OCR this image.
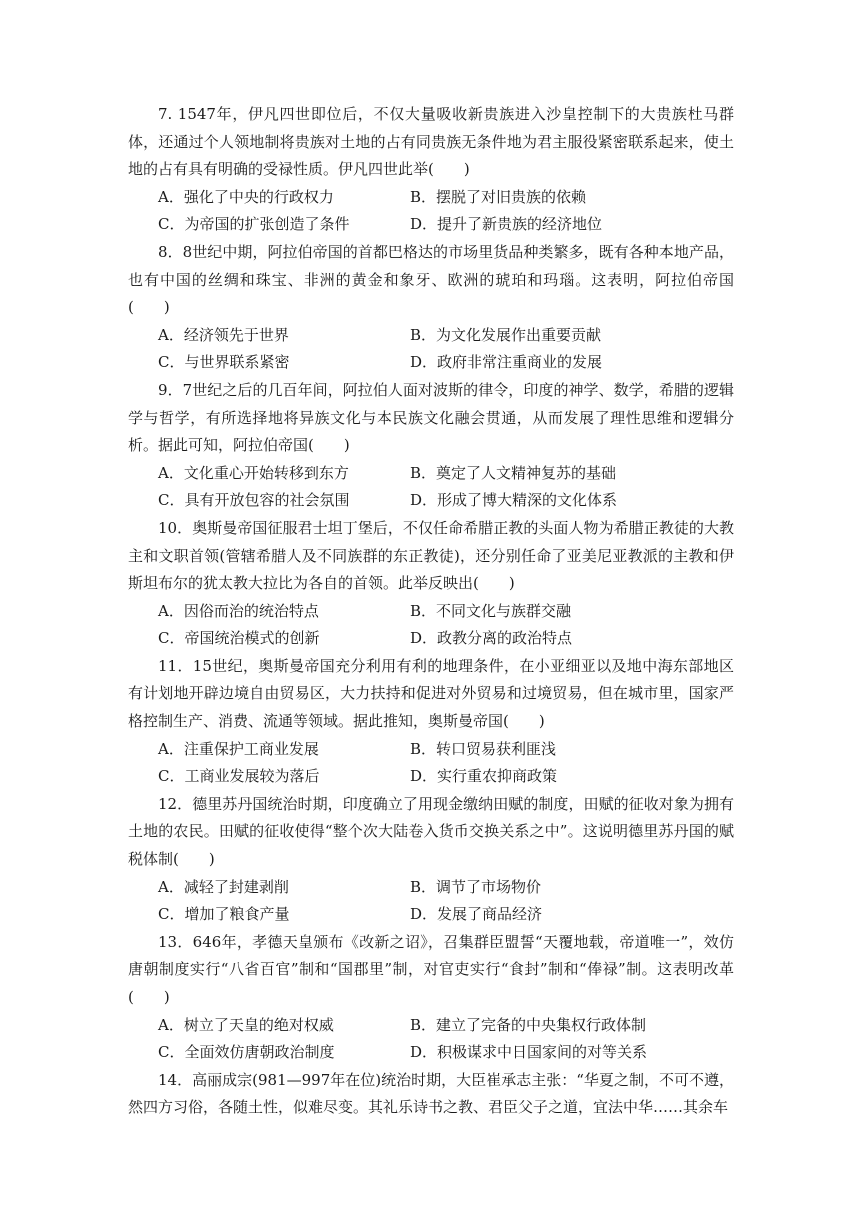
7. 1547年，伊凡四世即位后，不仅大量吸收新贵族进入沙皇控制下的大贵族杜马群体，还通过个人领地制将贵族对土地的占有同贵族无条件地为君主服役紧密联系起来，使土地的占有具有明确的受禄性质。伊凡四世此举(　　)

A．强化了中央的行政权力	B．摆脱了对旧贵族的依赖
C．为帝国的扩张创造了条件	D．提升了新贵族的经济地位

8．8世纪中期，阿拉伯帝国的首都巴格达的市场里货品种类繁多，既有各种本地产品，也有中国的丝绸和珠宝、非洲的黄金和象牙、欧洲的琥珀和玛瑙。这表明，阿拉伯帝国(　　)

A．经济领先于世界	B．为文化发展作出重要贡献
C．与世界联系紧密	D．政府非常注重商业的发展

9．7世纪之后的几百年间，阿拉伯人面对波斯的律令，印度的神学、数学，希腊的逻辑学与哲学，有所选择地将异族文化与本民族文化融会贯通，从而发展了理性思维和逻辑分析。据此可知，阿拉伯帝国(　　)

A．文化重心开始转移到东方	B．奠定了人文精神复苏的基础
C．具有开放包容的社会氛围	D．形成了博大精深的文化体系

10．奥斯曼帝国征服君士坦丁堡后，不仅任命希腊正教的头面人物为希腊正教徒的大教主和文职首领(管辖希腊人及不同族群的东正教徒)，还分别任命了亚美尼亚教派的主教和伊斯坦布尔的犹太教大拉比为各自的首领。此举反映出(　　)

A．因俗而治的统治特点	B．不同文化与族群交融
C．帝国统治模式的创新	D．政教分离的政治特点

11．15世纪，奥斯曼帝国充分利用有利的地理条件，在小亚细亚以及地中海东部地区有计划地开辟边境自由贸易区，大力扶持和促进对外贸易和过境贸易，但在城市里，国家严格控制生产、消费、流通等领域。据此推知，奥斯曼帝国(　　)

A．注重保护工商业发展	B．转口贸易获利匪浅
C．工商业发展较为落后	D．实行重农抑商政策

12．德里苏丹国统治时期，印度确立了用现金缴纳田赋的制度，田赋的征收对象为拥有土地的农民。田赋的征收使得“整个次大陆卷入货币交换关系之中”。这说明德里苏丹国的赋税体制(　　)

A．减轻了封建剥削	B．调节了市场物价
C．增加了粮食产量	D．发展了商品经济

13．646年，孝德天皇颁布《改新之诏》，召集群臣盟誓“天覆地载，帝道唯一”，效仿唐朝制度实行“八省百官”制和“国郡里”制，对官吏实行“食封”制和“俸禄”制。这表明改革(　　)

A．树立了天皇的绝对权威	B．建立了完备的中央集权行政体制
C．全面效仿唐朝政治制度	D．积极谋求中日国家间的对等关系

14．高丽成宗(981—997年在位)统治时期，大臣崔承志主张：“华夏之制，不可不遵，然四方习俗，各随土性，似难尽变。其礼乐诗书之教、君臣父子之道，宜法中华……其余车
